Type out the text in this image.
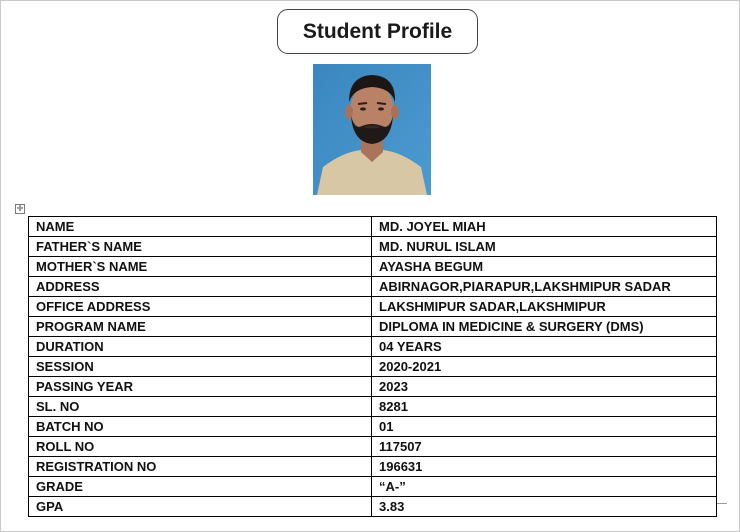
Student Profile
✛
NAME	MD. JOYEL MIAH
FATHER`S NAME	MD. NURUL ISLAM
MOTHER`S NAME	AYASHA BEGUM
ADDRESS	ABIRNAGOR,PIARAPUR,LAKSHMIPUR SADAR
OFFICE ADDRESS	LAKSHMIPUR SADAR,LAKSHMIPUR
PROGRAM NAME	DIPLOMA IN MEDICINE & SURGERY (DMS)
DURATION	04 YEARS
SESSION	2020-2021
PASSING YEAR	2023
SL. NO	8281
BATCH NO	01
ROLL NO	117507
REGISTRATION NO	196631
GRADE	“A-”
GPA	3.83
